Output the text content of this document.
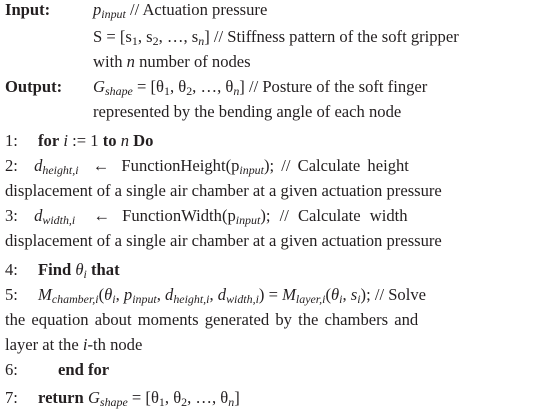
Input:	$p_{input}$ // Actuation pressure
$S = [s_1$, $s_2$, …, $s_n$] // Stiffness pattern of the soft gripper
with n number of nodes
Output: $G_{shape} = [\theta_1$, $\theta_2$, …, $\theta_n$] // Posture of the soft finger
represented by the bending angle of each node
1: for i := 1 to n Do
2: $d_{height,i}$ ← $FunctionHeight(p_{input})$; // Calculate height
displacement of a single air chamber at a given actuation pressure
3: $d_{width,i}$ ← $FunctionWidth(p_{input})$; // Calculate width
displacement of a single air chamber at a given actuation pressure
4: Find $\theta_i$ that
5: $M_{chamber,i}(\theta_i$, $p_{input}$, $d_{height,i}$, $d_{width,i}) = M_{layer,i}(\theta_i$, $s_i$); // Solve
the equation about moments generated by the chambers and
layer at the i-th node
6: end for
7: return $G_{shape} = [\theta_1$, $\theta_2$, …, $\theta_n$]
